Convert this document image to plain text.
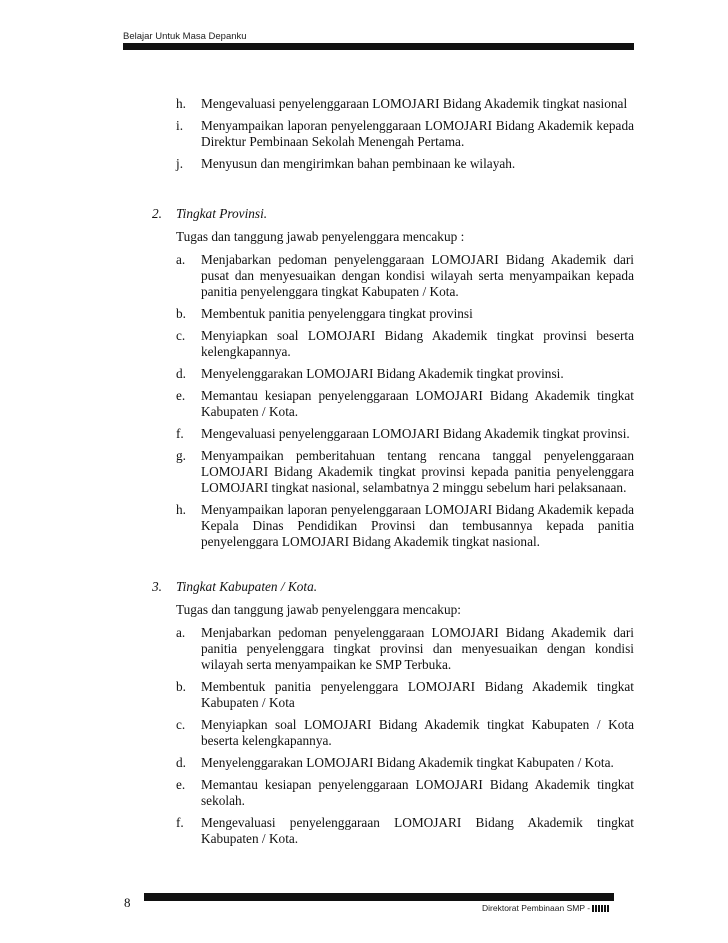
Belajar Untuk Masa Depanku
h.	Mengevaluasi penyelenggaraan LOMOJARI Bidang Akademik tingkat nasional
i.	Menyampaikan laporan penyelenggaraan LOMOJARI Bidang Akademik kepada Direktur Pembinaan Sekolah Menengah Pertama.
j.	Menyusun dan mengirimkan bahan pembinaan ke wilayah.
2. Tingkat Provinsi.
Tugas dan tanggung jawab penyelenggara mencakup :
a.	Menjabarkan pedoman penyelenggaraan LOMOJARI Bidang Akademik dari pusat dan menyesuaikan dengan kondisi wilayah serta menyampaikan kepada panitia penyelenggara tingkat Kabupaten / Kota.
b.	Membentuk panitia penyelenggara tingkat provinsi
c.	Menyiapkan soal LOMOJARI Bidang Akademik tingkat provinsi beserta kelengkapannya.
d.	Menyelenggarakan LOMOJARI Bidang Akademik tingkat provinsi.
e.	Memantau kesiapan penyelenggaraan LOMOJARI Bidang Akademik tingkat Kabupaten / Kota.
f.	Mengevaluasi penyelenggaraan LOMOJARI Bidang Akademik tingkat provinsi.
g.	Menyampaikan pemberitahuan tentang rencana tanggal penyelenggaraan LOMOJARI Bidang Akademik tingkat provinsi kepada panitia penyelenggara LOMOJARI tingkat nasional, selambatnya 2 minggu sebelum hari pelaksanaan.
h.	Menyampaikan laporan penyelenggaraan LOMOJARI Bidang Akademik kepada Kepala Dinas Pendidikan Provinsi dan tembusannya kepada panitia penyelenggara LOMOJARI Bidang Akademik tingkat nasional.
3. Tingkat Kabupaten / Kota.
Tugas dan tanggung jawab penyelenggara mencakup:
a.	Menjabarkan pedoman penyelenggaraan LOMOJARI Bidang Akademik dari panitia penyelenggara tingkat provinsi dan menyesuaikan dengan kondisi wilayah serta menyampaikan ke SMP Terbuka.
b.	Membentuk panitia penyelenggara LOMOJARI Bidang Akademik tingkat Kabupaten / Kota
c.	Menyiapkan soal LOMOJARI Bidang Akademik tingkat Kabupaten / Kota beserta kelengkapannya.
d.	Menyelenggarakan LOMOJARI Bidang Akademik tingkat Kabupaten / Kota.
e.	Memantau kesiapan penyelenggaraan LOMOJARI Bidang Akademik tingkat sekolah.
f.	Mengevaluasi penyelenggaraan LOMOJARI Bidang Akademik tingkat Kabupaten / Kota.
8	Direktorat Pembinaan SMP -
